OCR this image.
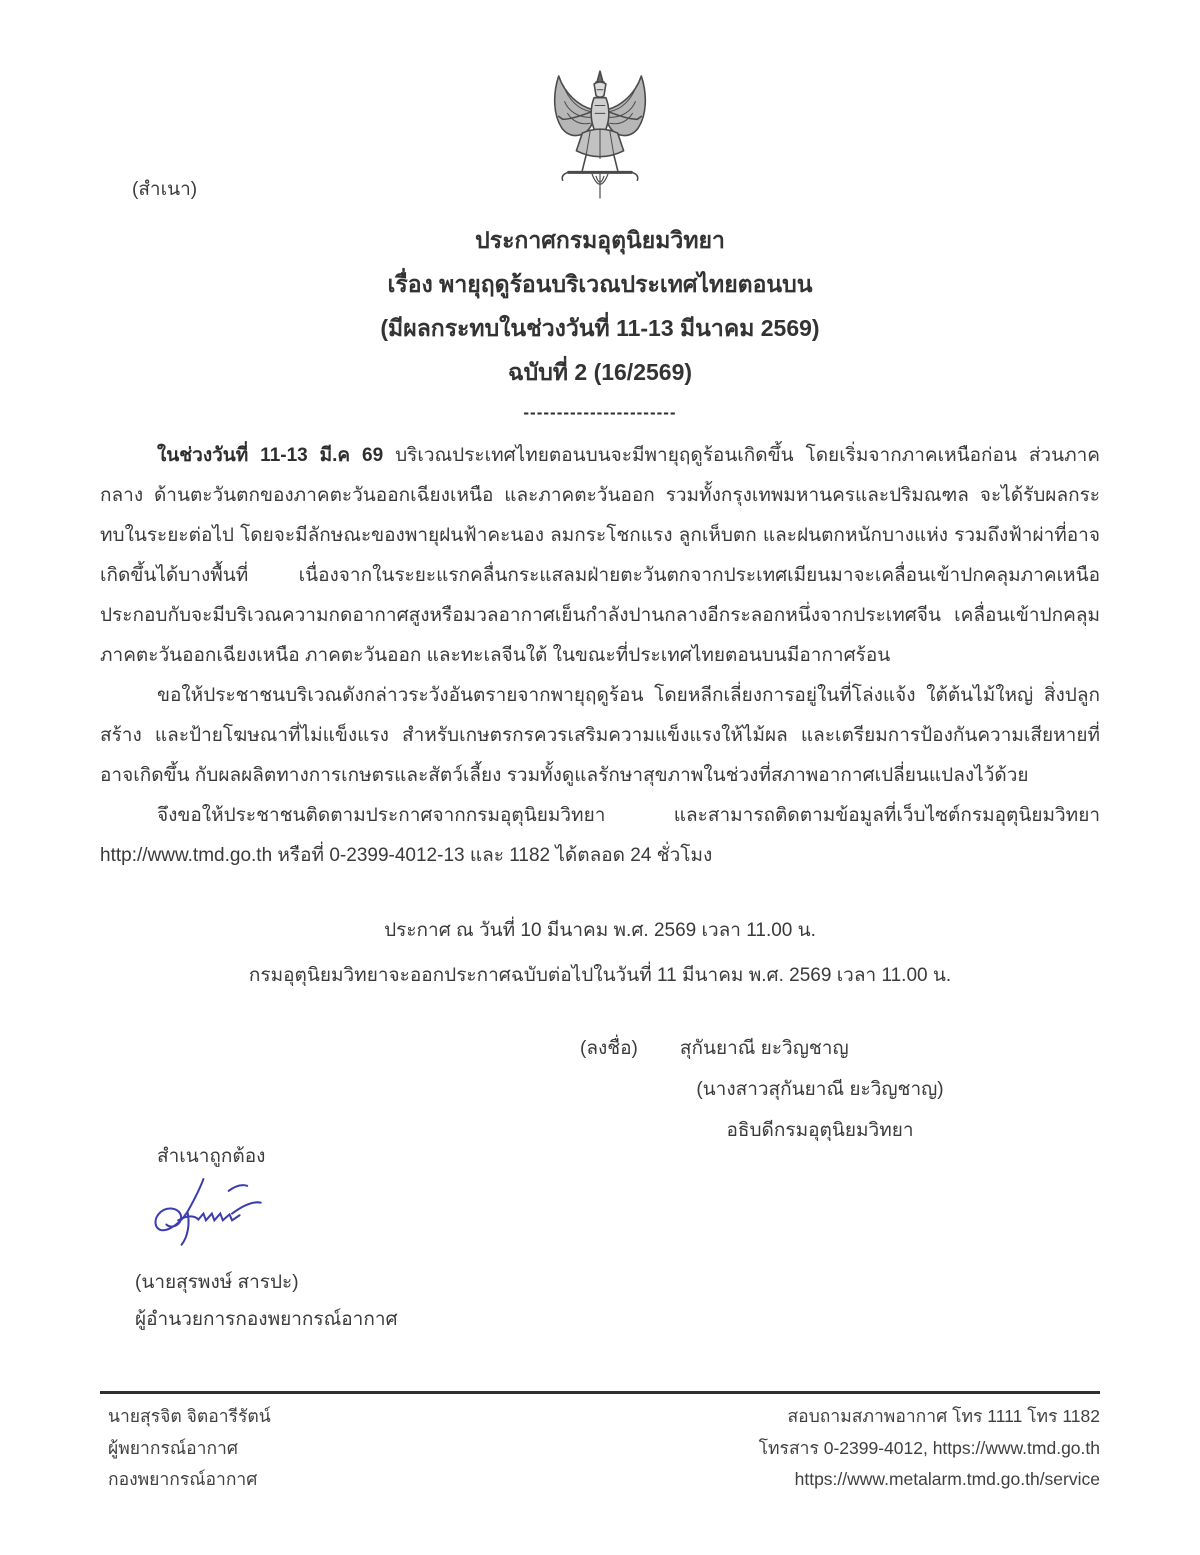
(สำเนา)
ประกาศกรมอุตุนิยมวิทยา
เรื่อง พายุฤดูร้อนบริเวณประเทศไทยตอนบน
(มีผลกระทบในช่วงวันที่ 11-13 มีนาคม 2569)
ฉบับที่ 2 (16/2569)
-----------------------

ในช่วงวันที่ 11-13 มี.ค 69 บริเวณประเทศไทยตอนบนจะมีพายุฤดูร้อนเกิดขึ้น โดยเริ่มจากภาคเหนือก่อน ส่วนภาคกลาง ด้านตะวันตกของภาคตะวันออกเฉียงเหนือ และภาคตะวันออก รวมทั้งกรุงเทพมหานครและปริมณฑล จะได้รับผลกระทบในระยะต่อไป โดยจะมีลักษณะของพายุฝนฟ้าคะนอง ลมกระโชกแรง ลูกเห็บตก และฝนตกหนักบางแห่ง รวมถึงฟ้าผ่าที่อาจเกิดขึ้นได้บางพื้นที่ เนื่องจากในระยะแรกคลื่นกระแสลมฝ่ายตะวันตกจากประเทศเมียนมาจะเคลื่อนเข้าปกคลุมภาคเหนือ ประกอบกับจะมีบริเวณความกดอากาศสูงหรือมวลอากาศเย็นกำลังปานกลางอีกระลอกหนึ่งจากประเทศจีน เคลื่อนเข้าปกคลุมภาคตะวันออกเฉียงเหนือ ภาคตะวันออก และทะเลจีนใต้ ในขณะที่ประเทศไทยตอนบนมีอากาศร้อน

ขอให้ประชาชนบริเวณดังกล่าวระวังอันตรายจากพายุฤดูร้อน โดยหลีกเลี่ยงการอยู่ในที่โล่งแจ้ง ใต้ต้นไม้ใหญ่ สิ่งปลูกสร้าง และป้ายโฆษณาที่ไม่แข็งแรง สำหรับเกษตรกรควรเสริมความแข็งแรงให้ไม้ผล และเตรียมการป้องกันความเสียหายที่อาจเกิดขึ้น กับผลผลิตทางการเกษตรและสัตว์เลี้ยง รวมทั้งดูแลรักษาสุขภาพในช่วงที่สภาพอากาศเปลี่ยนแปลงไว้ด้วย

จึงขอให้ประชาชนติดตามประกาศจากกรมอุตุนิยมวิทยา และสามารถติดตามข้อมูลที่เว็บไซต์กรมอุตุนิยมวิทยา http://www.tmd.go.th หรือที่ 0-2399-4012-13 และ 1182 ได้ตลอด 24 ชั่วโมง

ประกาศ ณ วันที่ 10 มีนาคม พ.ศ. 2569 เวลา 11.00 น.
กรมอุตุนิยมวิทยาจะออกประกาศฉบับต่อไปในวันที่ 11 มีนาคม พ.ศ. 2569 เวลา 11.00 น.
(ลงชื่อ) สุกันยาณี ยะวิญชาญ
(นางสาวสุกันยาณี ยะวิญชาญ)
อธิบดีกรมอุตุนิยมวิทยา
สำเนาถูกต้อง
(นายสุรพงษ์ สารปะ)
ผู้อำนวยการกองพยากรณ์อากาศ
นายสุรจิต จิตอารีรัตน์
ผู้พยากรณ์อากาศ
กองพยากรณ์อากาศ
สอบถามสภาพอากาศ โทร 1111 โทร 1182
โทรสาร 0-2399-4012, https://www.tmd.go.th
https://www.metalarm.tmd.go.th/service
